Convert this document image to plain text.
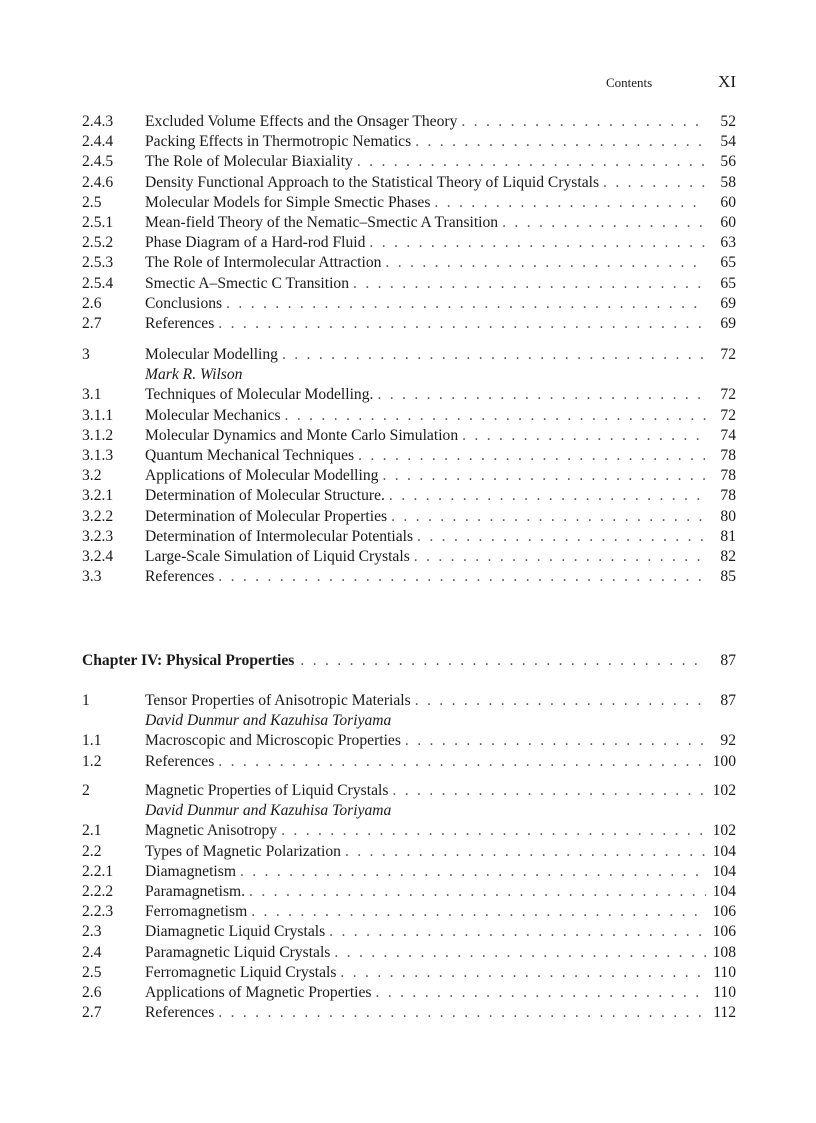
Contents	XI
2.4.3	Excluded Volume Effects and the Onsager Theory . . .	52
2.4.4	Packing Effects in Thermotropic Nematics . . .	54
2.4.5	The Role of Molecular Biaxiality . . .	56
2.4.6	Density Functional Approach to the Statistical Theory of Liquid Crystals . . .	58
2.5	Molecular Models for Simple Smectic Phases . . .	60
2.5.1	Mean-field Theory of the Nematic–Smectic A Transition . . .	60
2.5.2	Phase Diagram of a Hard-rod Fluid . . .	63
2.5.3	The Role of Intermolecular Attraction . . .	65
2.5.4	Smectic A–Smectic C Transition . . .	65
2.6	Conclusions . . .	69
2.7	References . . .	69
3	Molecular Modelling . . .	72
Mark R. Wilson
3.1	Techniques of Molecular Modelling. . . .	72
3.1.1	Molecular Mechanics . . .	72
3.1.2	Molecular Dynamics and Monte Carlo Simulation . . .	74
3.1.3	Quantum Mechanical Techniques . . .	78
3.2	Applications of Molecular Modelling . . .	78
3.2.1	Determination of Molecular Structure. . . .	78
3.2.2	Determination of Molecular Properties . . .	80
3.2.3	Determination of Intermolecular Potentials . . .	81
3.2.4	Large-Scale Simulation of Liquid Crystals . . .	82
3.3	References . . .	85
Chapter IV: Physical Properties . . .	87
1	Tensor Properties of Anisotropic Materials . . .	87
David Dunmur and Kazuhisa Toriyama
1.1	Macroscopic and Microscopic Properties . . .	92
1.2	References . . .	100
2	Magnetic Properties of Liquid Crystals . . .	102
David Dunmur and Kazuhisa Toriyama
2.1	Magnetic Anisotropy . . .	102
2.2	Types of Magnetic Polarization . . .	104
2.2.1	Diamagnetism . . .	104
2.2.2	Paramagnetism. . . .	104
2.2.3	Ferromagnetism . . .	106
2.3	Diamagnetic Liquid Crystals . . .	106
2.4	Paramagnetic Liquid Crystals . . .	108
2.5	Ferromagnetic Liquid Crystals . . .	110
2.6	Applications of Magnetic Properties . . .	110
2.7	References . . .	112
